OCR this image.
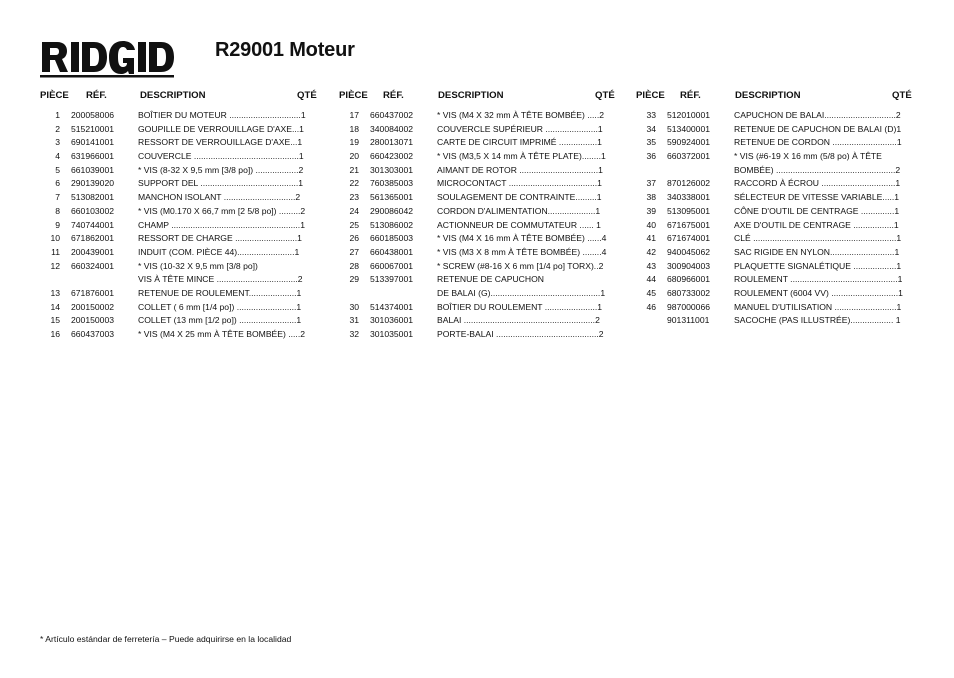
R29001 Moteur
PIÈCE RÉF.	DESCRIPTION	QTÉ
1 200058006	BOÎTIER DU MOTEUR ..............................1
2 515210001	GOUPILLE DE VERROUILLAGE D'AXE...1
3 690141001	RESSORT DE VERROUILLAGE D'AXE...1
4 631966001	COUVERCLE ............................................1
5 661039001	* VIS (8-32 X 9,5 mm [3/8 po]) ..................2
6 290139020	SUPPORT DEL .........................................1
7 513082001	MANCHON ISOLANT ..............................2
8 660103002	* VIS (M0.170 X 66,7 mm [2 5/8 po]) .........2
9 740744001	CHAMP ......................................................1
10 671862001	RESSORT DE CHARGE ..........................1
11 200439001	INDUIT (COM. PIÈCE 44)........................1
12 660324001	* VIS (10-32 X 9,5 mm [3/8 po])
VIS À TÊTE MINCE ..................................2
13 671876001	RETENUE DE ROULEMENT....................1
14 200150002	COLLET ( 6 mm [1/4 po]) .........................1
15 200150003	COLLET (13 mm [1/2 po]) ........................1
16 660437003	* VIS (M4 X 25 mm À TÊTE BOMBÉE) .....2
PIÈCE RÉF.	DESCRIPTION	QTÉ
17 660437002	* VIS (M4 X 32 mm À TÊTE BOMBÉE) .....2
18 340084002	COUVERCLE SUPÉRIEUR ......................1
19 280013071	CARTE DE CIRCUIT IMPRIMÉ ................1
20 660423002	* VIS (M3,5 X 14 mm À TÊTE PLATE)........1
21 301303001	AIMANT DE ROTOR .................................1
22 760385003	MICROCONTACT .....................................1
23 561365001	SOULAGEMENT DE CONTRAINTE.........1
24 290086042	CORDON D'ALIMENTATION....................1
25 513086002	ACTIONNEUR DE COMMUTATEUR ...... 1
26 660185003	* VIS (M4 X 16 mm À TÊTE BOMBÉE) ......4
27 660438001	* VIS (M3 X 8 mm À TÊTE BOMBÉE) ........4
28 660067001	* SCREW (#8-16 X 6 mm [1/4 po] TORX)..2
29 513397001	RETENUE DE CAPUCHON
DE BALAI (G)..............................................1
30 514374001	BOÎTIER DU ROULEMENT ......................1
31 301036001	BALAI .......................................................2
32 301035001	PORTE-BALAI ...........................................2
PIÈCE RÉF.	DESCRIPTION	QTÉ
33 512010001	CAPUCHON DE BALAI..............................2
34 513400001	RETENUE DE CAPUCHON DE BALAI (D)1
35 590924001	RETENUE DE CORDON ...........................1
36 660372001	* VIS (#6-19 X 16 mm (5/8 po) À TÊTE
BOMBÉE) ..................................................2
37 870126002	RACCORD À ÉCROU ...............................1
38 340338001	SÉLECTEUR DE VITESSE VARIABLE.....1
39 513095001	CÔNE D'OUTIL DE CENTRAGE ..............1
40 671675001	AXE D'OUTIL DE CENTRAGE .................1
41 671674001	CLÉ ............................................................1
42 940045062	SAC RIGIDE EN NYLON...........................1
43 300904003	PLAQUETTE SIGNALÉTIQUE ..................1
44 680966001	ROULEMENT .............................................1
45 680733002	ROULEMENT (6004 VV) ............................1
46 987000066	MANUEL D'UTILISATION ..........................1
901311001	SACOCHE (PAS ILLUSTRÉE).................. 1
* Artículo estándar de ferretería – Puede adquirirse en la localidad
